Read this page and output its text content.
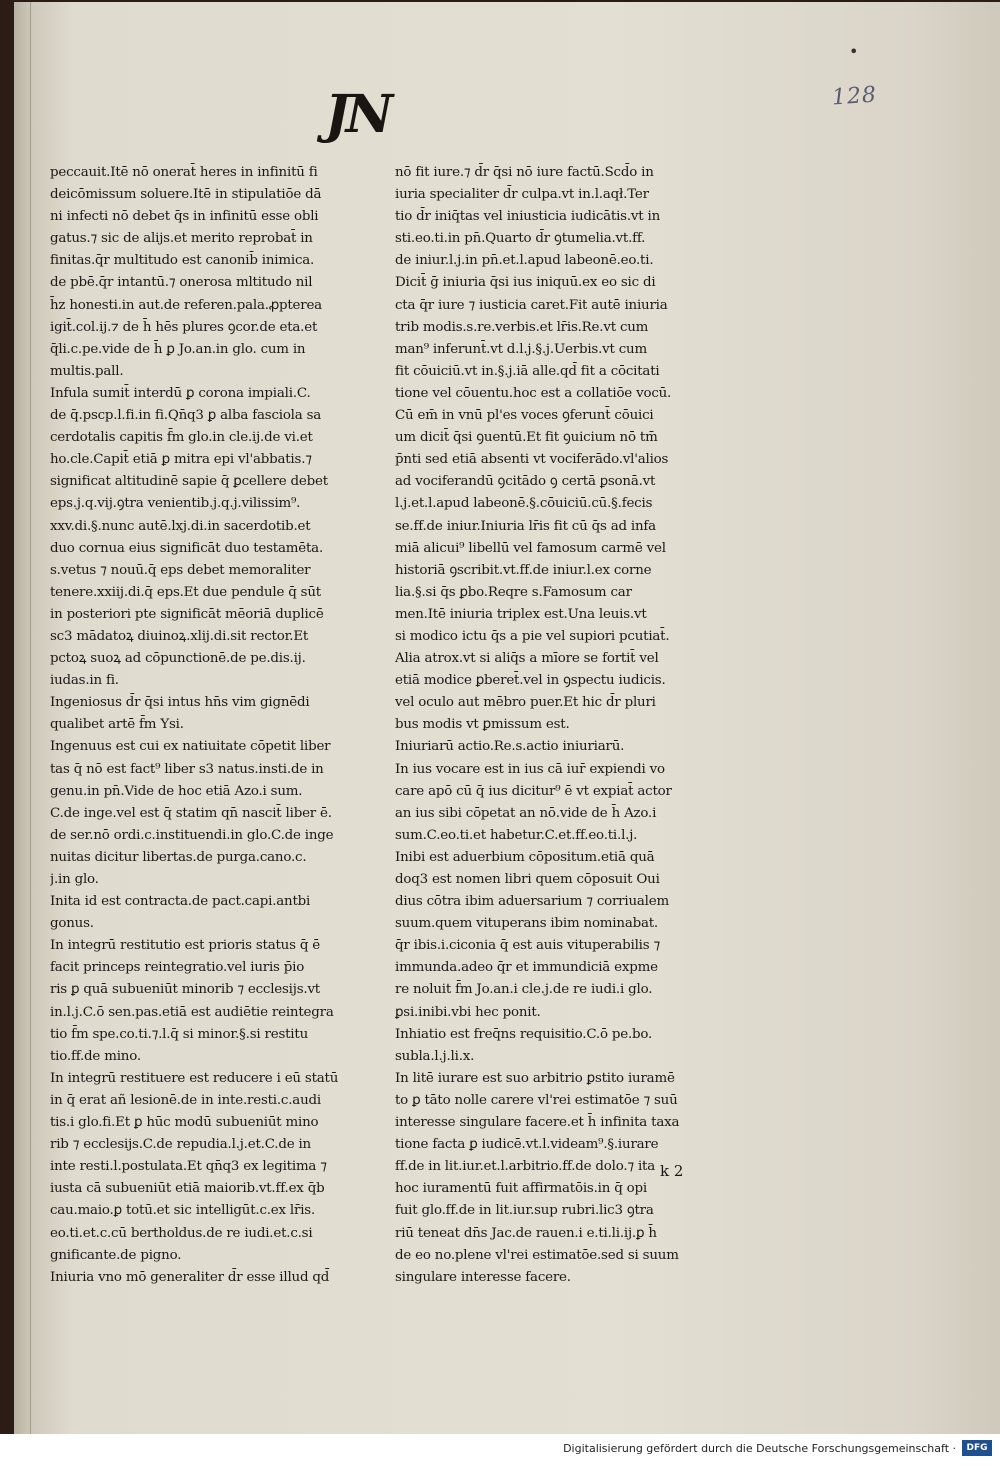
•
128
JN
peccauit.Itē nō onerat̄ heres in infinitū fi
deicōmissum soluere.Itē in stipulatiōe dā
ni infecti nō debet q̄s in infinitū esse obli
gatus.⁊ sic de alijs.et merito reprobat̄ in
finitas.q̄r multitudo est canonib̄ inimica.
de pbē.q̄r intantū.⁊ onerosa mltitudo nil
h̄z honesti.in aut.de referen.pala.ꝓpterea
igit̄.col.ij.⁊ de h̄ hēs plures ꝯcor.de eta.et
q̄li.c.pe.vide de h̄ ꝑ Jo.an.in glo. cum in
multis.pall.
Infula sumit̄ interdū ꝑ corona impiali.C.
de q̄.pscp.l.fi.in fi.Qn̄q3 ꝑ alba fasciola sa
cerdotalis capitis f̄m glo.in cle.ij.de vi.et
ho.cle.Capit̄ etiā ꝑ mitra epi vl'abbatis.⁊
significat altitudinē sapie q̄ ꝑcellere debet
eps.j.q.vij.ꝯtra venientib.j.q.j.vilissim⁹.
xxv.di.§.nunc autē.lxj.di.in sacerdotib.et
duo cornua eius significāt duo testamēta.
s.vetus ⁊ nouū.q̄ eps debet memoraliter
tenere.xxiij.di.q̄ eps.Et due pendule q̄ sūt
in posteriori pte significāt mēoriā duplicē
sc3 mādatoꝝ diuinoꝝ.xlij.di.sit rector.Et
pctoꝝ suoꝝ ad cōpunctionē.de pe.dis.ij.
iudas.in fi.
Ingeniosus d̄r q̄si intus hn̄s vim gignēdi
qualibet artē f̄m Ysi.
Ingenuus est cui ex natiuitate cōpetit liber
tas q̄ nō est fact⁹ liber s3 natus.insti.de in
genu.in pn̄.Vide de hoc etiā Azo.i sum.
C.de inge.vel est q̄ statim qn̄ nascit̄ liber ē.
de ser.nō ordi.c.instituendi.in glo.C.de inge
nuitas dicitur libertas.de purga.cano.c.
j.in glo.
Inita id est contracta.de pact.capi.antbi
gonus.
In integrū restitutio est prioris status q̄ ē
facit princeps reintegratio.vel iuris p̄io
ris ꝑ quā subueniūt minorib ⁊ ecclesijs.vt
in.l.j.C.ō sen.pas.etiā est audiētie reintegra
tio f̄m spe.co.ti.⁊.l.q̄ si minor.§.si restitu
tio.ff.de mino.
In integrū restituere est reducere i eū statū
in q̄ erat añ lesionē.de in inte.resti.c.audi
tis.i glo.fi.Et ꝑ hūc modū subueniūt mino
rib ⁊ ecclesijs.C.de repudia.l.j.et.C.de in
inte resti.l.postulata.Et qn̄q3 ex legitima ⁊
iusta cā subueniūt etiā maiorib.vt.ff.ex q̄b
cau.maio.ꝑ totū.et sic intelligūt.c.ex lr̄is.
eo.ti.et.c.cū bertholdus.de re iudi.et.c.si
gnificante.de pigno.
Iniuria vno mō generaliter d̄r esse illud qd̄
nō fit iure.⁊ d̄r q̄si nō iure factū.Scd̄o in
iuria specialiter d̄r culpa.vt in.l.aqł.Ter
tio d̄r iniq̄tas vel iniusticia iudicātis.vt in
sti.eo.ti.in pn̄.Quarto d̄r ꝯtumelia.vt.ff.
de iniur.l.j.in pn̄.et.l.apud labeonē.eo.ti.
Dicit̄ ḡ iniuria q̄si ius iniquū.ex eo sic di
cta q̄r iure ⁊ iusticia caret.Fit autē iniuria
trib modis.s.re.verbis.et lr̄is.Re.vt cum
man⁹ inferunt̄.vt d.l.j.§.j.Uerbis.vt cum
fit cōuiciū.vt in.§.j.iā alle.qd̄ fit a cōcitati
tione vel cōuentu.hoc est a collatiōe vocū.
Cū em̄ in vnū pl'es voces ꝯferunt̄ cōuici
um dicit̄ q̄si ꝯuentū.Et fit ꝯuicium nō tm̄
p̄nti sed etiā absenti vt vociferādo.vl'alios
ad vociferandū ꝯcitādo ꝯ certā ꝑsonā.vt
l.j.et.l.apud labeonē.§.cōuiciū.cū.§.fecis
se.ff.de iniur.Iniuria lr̄is fit cū q̄s ad infa
miā alicui⁹ libellū vel famosum carmē vel
historiā ꝯscribit.vt.ff.de iniur.l.ex corne
lia.§.si q̄s ꝑbo.Reqre s.Famosum car
men.Itē iniuria triplex est.Una leuis.vt
si modico ictu q̄s a pie vel supiori pcutiat̄.
Alia atrox.vt si aliq̄s a mīore se fortit̄ vel
etiā modice ꝑberet̄.vel in ꝯspectu iudicis.
vel oculo aut mēbro puer.Et hic d̄r pluri
bus modis vt ꝑmissum est.
Iniuriarū actio.Re.s.actio iniuriarū.
In ius vocare est in ius cā iur̄ expiendi vo
care apō cū q̄ ius dicitur⁹ ē vt expiat̄ actor
an ius sibi cōpetat an nō.vide de h̄ Azo.i
sum.C.eo.ti.et habetur.C.et.ff.eo.ti.l.j.
Inibi est aduerbium cōpositum.etiā quā
doq3 est nomen libri quem cōposuit Oui
dius cōtra ibim aduersarium ⁊ corriualem
suum.quem vituperans ibim nominabat.
q̄r ibis.i.ciconia q̄ est auis vituperabilis ⁊
immunda.adeo q̄r et immundiciā expme
re noluit f̄m Jo.an.i cle.j.de re iudi.i glo.
ꝑsi.inibi.vbi hec ponit.
Inhiatio est freq̄ns requisitio.C.ō pe.bo.
subla.l.j.li.x.
In litē iurare est suo arbitrio ꝑstito iuramē
to ꝑ tāto nolle carere vl'rei estimatōe ⁊ suū
interesse singulare facere.et h̄ infinita taxa
tione facta ꝑ iudicē.vt.l.videam⁹.§.iurare
ff.de in lit.iur.et.l.arbitrio.ff.de dolo.⁊ ita
hoc iuramentū fuit affirmatōis.in q̄ opi
fuit glo.ff.de in lit.iur.sup rubri.lic3 ꝯtra
riū teneat dn̄s Jac.de rauen.i e.ti.li.ij.ꝑ h̄
de eo no.plene vl'rei estimatōe.sed si suum
singulare interesse facere.
k 2
Digitalisierung gefördert durch die Deutsche Forschungsgemeinschaft ·	DFG
